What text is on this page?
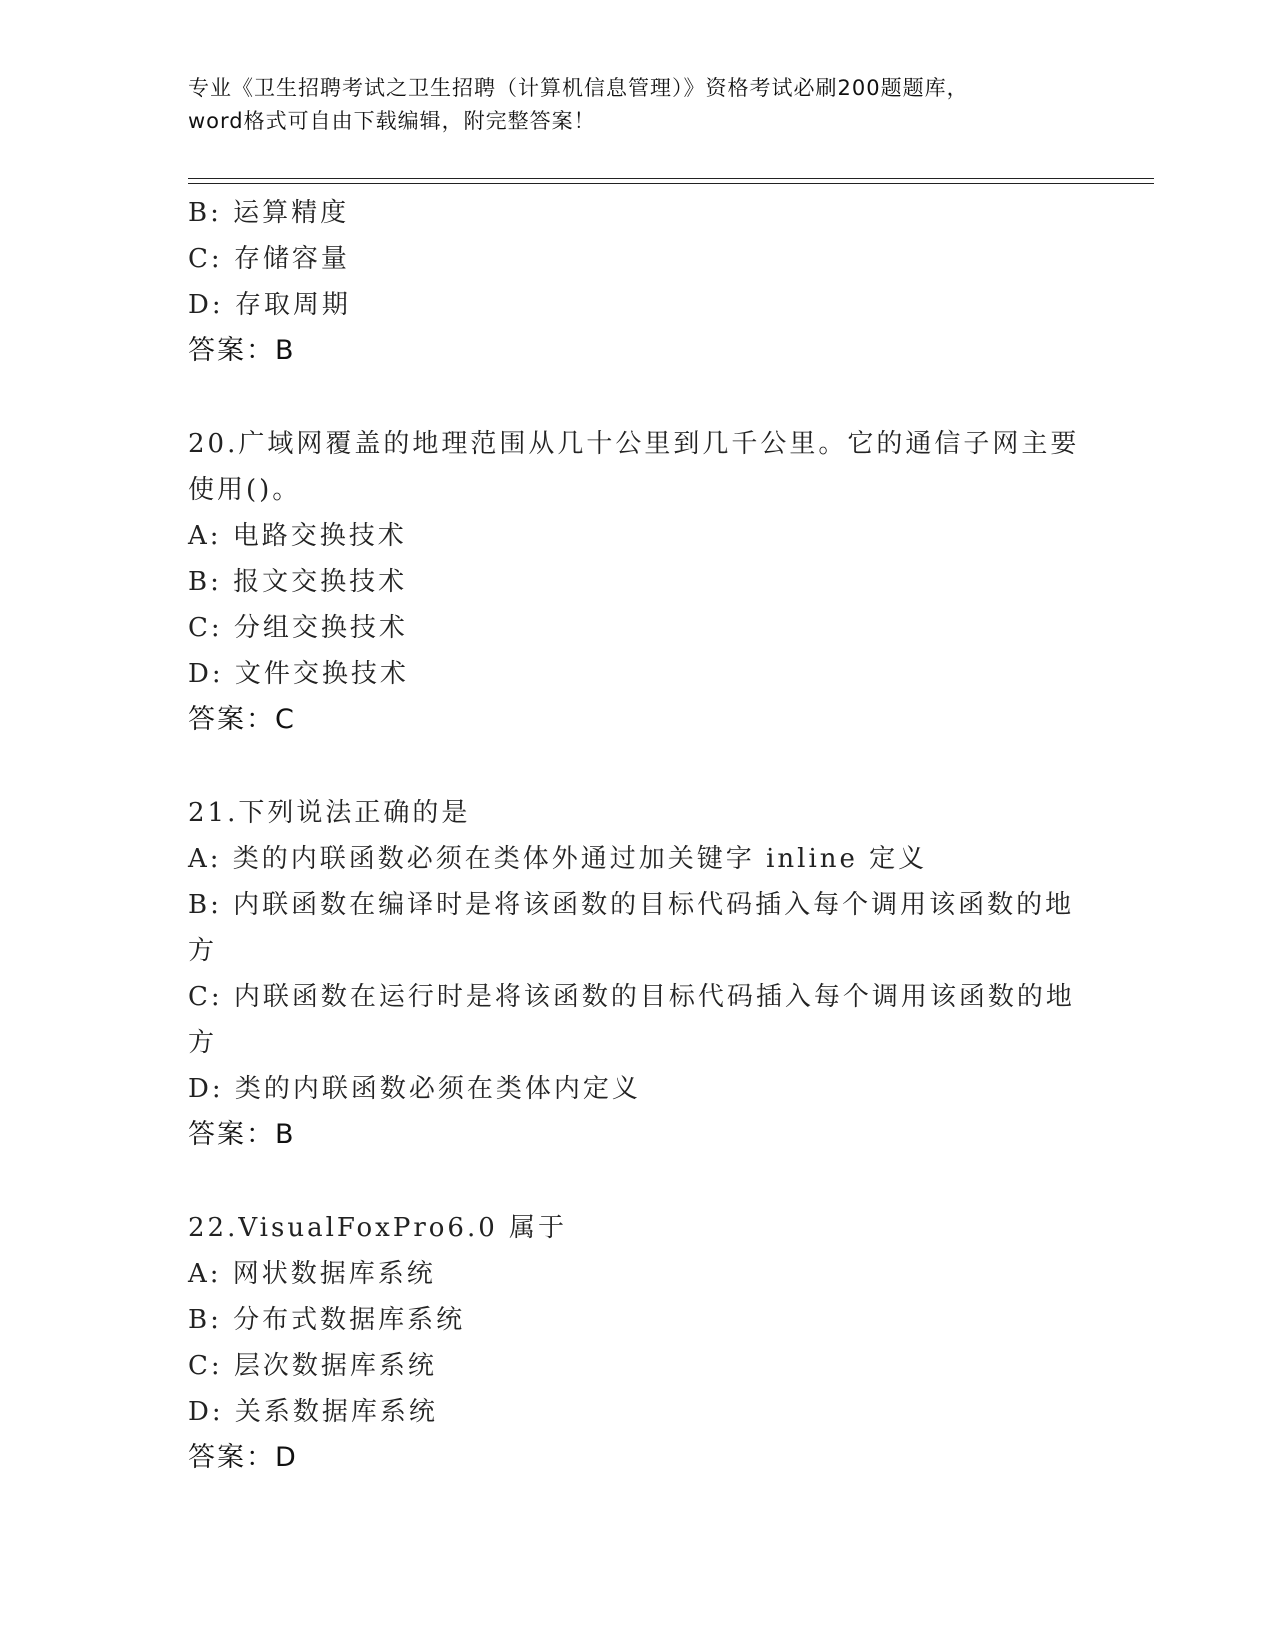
专业《卫生招聘考试之卫生招聘（计算机信息管理）》资格考试必刷200题题库，
word格式可自由下载编辑，附完整答案！
B: 运算精度
C: 存储容量
D: 存取周期
答案：B
20.广域网覆盖的地理范围从几十公里到几千公里。它的通信子网主要
使用()。
A: 电路交换技术
B: 报文交换技术
C: 分组交换技术
D: 文件交换技术
答案：C
21.下列说法正确的是
A: 类的内联函数必须在类体外通过加关键字 inline 定义
B: 内联函数在编译时是将该函数的目标代码插入每个调用该函数的地
方
C: 内联函数在运行时是将该函数的目标代码插入每个调用该函数的地
方
D: 类的内联函数必须在类体内定义
答案：B
22.VisualFoxPro6.0 属于
A: 网状数据库系统
B: 分布式数据库系统
C: 层次数据库系统
D: 关系数据库系统
答案：D
